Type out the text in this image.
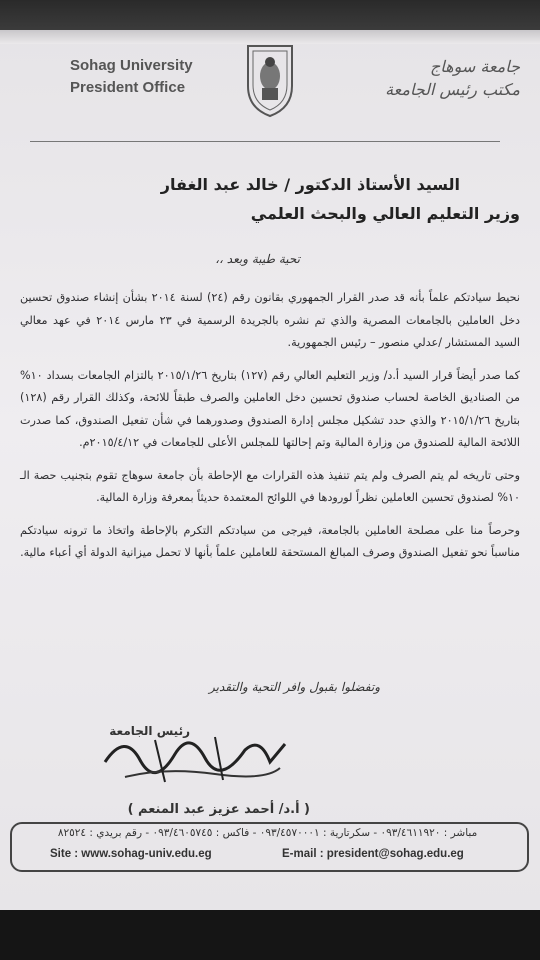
Sohag University
President Office
جامعة سوهاج
مكتب رئيس الجامعة
السيد الأستاذ الدكتور / خالد عبد الغفار
وزير التعليم العالي والبحث العلمي
تحية طيبة وبعد ،،

نحيط سيادتكم علماً بأنه قد صدر القرار الجمهوري بقانون رقم (٢٤) لسنة ٢٠١٤ بشأن إنشاء صندوق تحسين دخل العاملين بالجامعات المصرية والذي تم نشره بالجريدة الرسمية في ٢٣ مارس ٢٠١٤ في عهد معالي السيد المستشار /عدلي منصور – رئيس الجمهورية.

كما صدر أيضاً قرار السيد أ.د/ وزير التعليم العالي رقم (١٢٧) بتاريخ ٢٠١٥/١/٢٦ بالتزام الجامعات بسداد ١٠% من الصناديق الخاصة لحساب صندوق تحسين دخل العاملين والصرف طبقاً للائحة، وكذلك القرار رقم (١٢٨) بتاريخ ٢٠١٥/١/٢٦ والذي حدد تشكيل مجلس إدارة الصندوق وصدورهما في شأن تفعيل الصندوق، كما صدرت اللائحة المالية للصندوق من وزارة المالية وتم إحالتها للمجلس الأعلى للجامعات في ٢٠١٥/٤/١٢م.

وحتى تاريخه لم يتم الصرف ولم يتم تنفيذ هذه القرارات مع الإحاطة بأن جامعة سوهاج تقوم بتجنيب حصة الـ ١٠% لصندوق تحسين العاملين نظراً لورودها في اللوائح المعتمدة حديثاً بمعرفة وزارة المالية.

وحرصاً منا على مصلحة العاملين بالجامعة، فيرجى من سيادتكم التكرم بالإحاطة واتخاذ ما ترونه سيادتكم مناسباً نحو تفعيل الصندوق وصرف المبالغ المستحقة للعاملين علماً بأنها لا تحمل ميزانية الدولة أي أعباء مالية.

وتفضلوا بقبول وافر التحية والتقدير
رئيس الجامعة
( أ.د/ أحمد عزيز عبد المنعم )
مباشر : ٠٩٣/٤٦١١٩٢٠ - سكرتارية : ٠٩٣/٤٥٧٠٠٠١ - فاكس : ٠٩٣/٤٦٠٥٧٤٥ - رقم بريدي : ٨٢٥٢٤
Site : www.sohag-univ.edu.eg	E-mail : president@sohag.edu.eg
